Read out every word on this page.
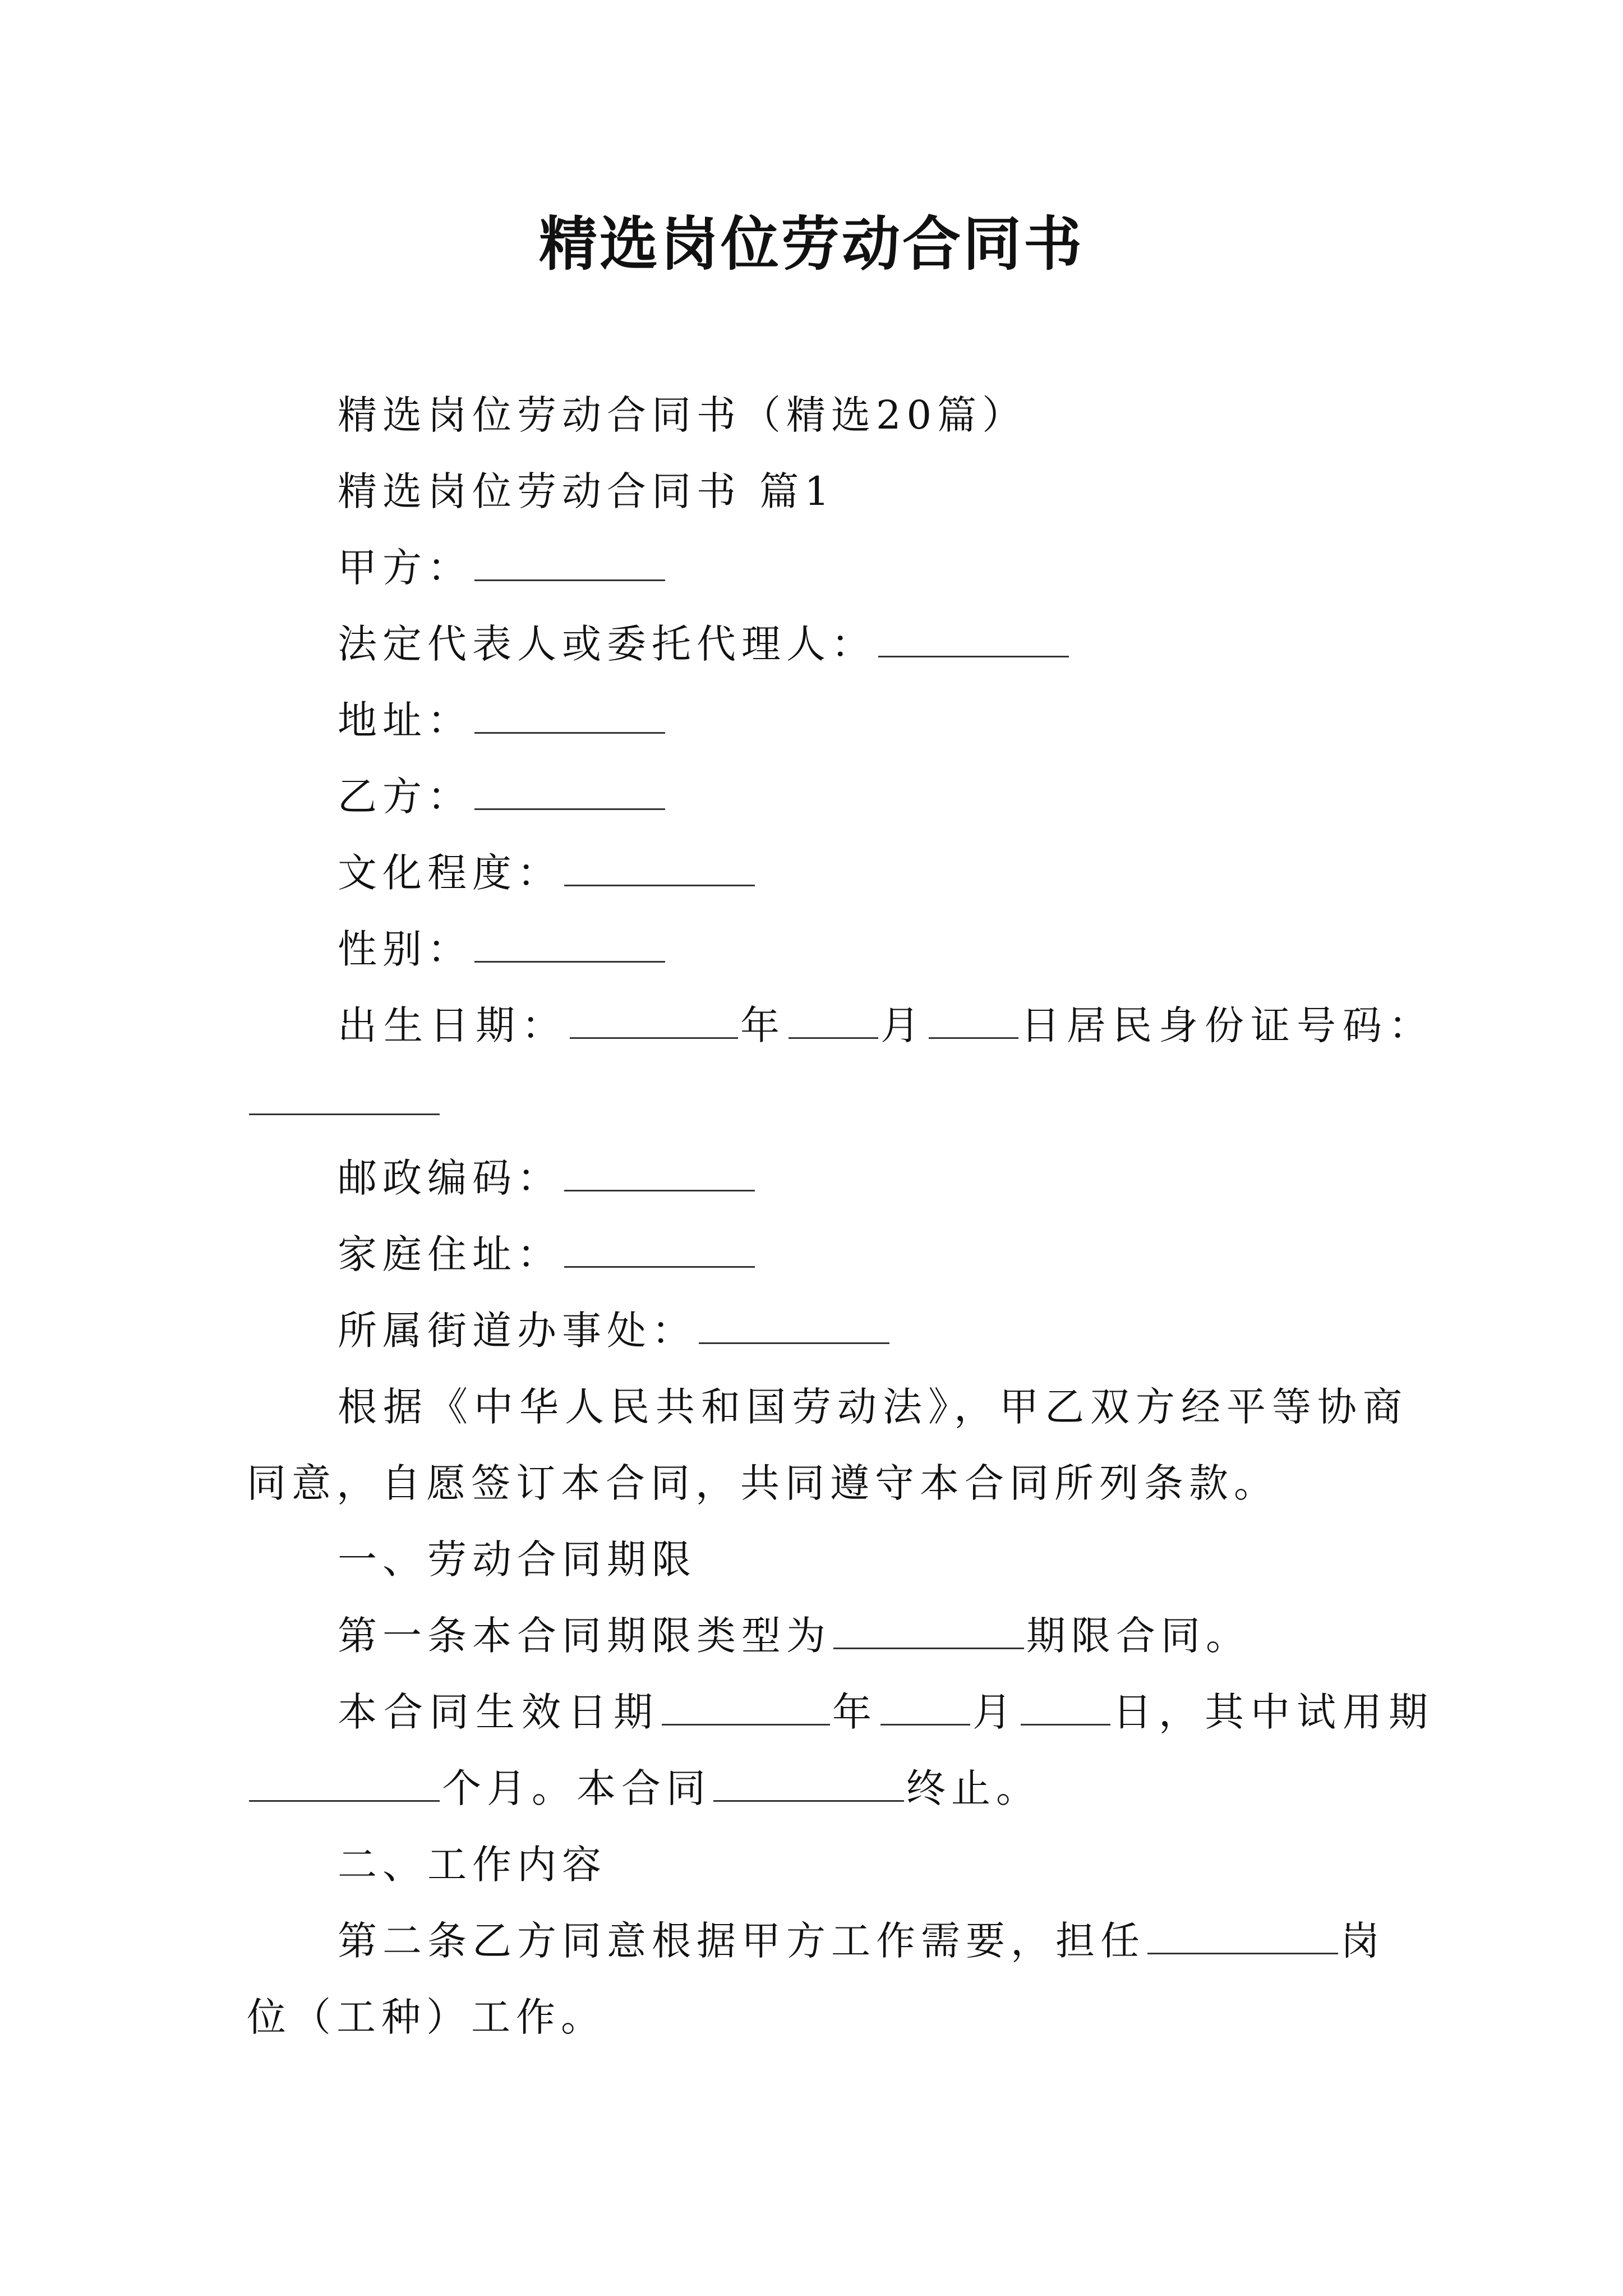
精选岗位劳动合同书
精选岗位劳动合同书（精选20篇）
精选岗位劳动合同书 篇1
甲方：
法定代表人或委托代理人：
地址：
乙方：
文化程度：
性别：
出生日期：	年 月 日居民身份证号码：
邮政编码：
家庭住址：
所属街道办事处：
根据《中华人民共和国劳动法》，甲乙双方经平等协商
同意，自愿签订本合同，共同遵守本合同所列条款。
一、劳动合同期限
第一条本合同期限类型为	期限合同。
本合同生效日期	年 月 日，其中试用期
个月。本合同	终止。
二、工作内容
第二条乙方同意根据甲方工作需要，担任	岗
位（工种）工作。
